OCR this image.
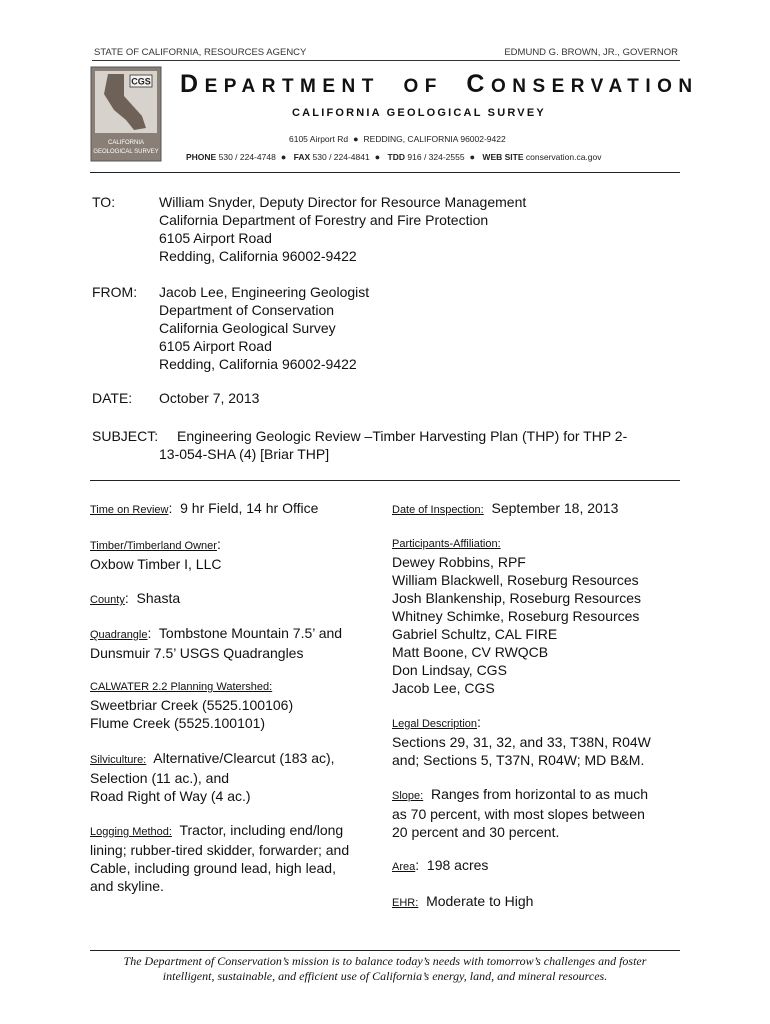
STATE OF CALIFORNIA, RESOURCES AGENCY	EDMUND G. BROWN, JR., GOVERNOR
CGS
CALIFORNIA
GEOLOGICAL SURVEY
DEPARTMENT OF CONSERVATION
CALIFORNIA GEOLOGICAL SURVEY
6105 Airport Rd ● REDDING, CALIFORNIA 96002-9422
PHONE 530 / 224-4748 ● FAX 530 / 224-4841 ● TDD 916 / 324-2555 ● WEB SITE conservation.ca.gov
TO:	William Snyder, Deputy Director for Resource Management
California Department of Forestry and Fire Protection
6105 Airport Road
Redding, California 96002-9422
FROM: Jacob Lee, Engineering Geologist
Department of Conservation
California Geological Survey
6105 Airport Road
Redding, California 96002-9422
DATE: October 7, 2013
SUBJECT: Engineering Geologic Review –Timber Harvesting Plan (THP) for THP 2-
13-054-SHA (4) [Briar THP]
Time on Review:  9 hr Field, 14 hr Office
Timber/Timberland Owner:
Oxbow Timber I, LLC
County:  Shasta
Quadrangle:  Tombstone Mountain 7.5’ and
Dunsmuir 7.5’ USGS Quadrangles
CALWATER 2.2 Planning Watershed:
Sweetbriar Creek (5525.100106)
Flume Creek (5525.100101)
Silviculture: Alternative/Clearcut (183 ac),
Selection (11 ac.), and
Road Right of Way (4 ac.)
Logging Method: Tractor, including end/long
lining; rubber-tired skidder, forwarder; and
Cable, including ground lead, high lead,
and skyline.
Date of Inspection: September 18, 2013
Participants-Affiliation:
Dewey Robbins, RPF
William Blackwell, Roseburg Resources
Josh Blankenship, Roseburg Resources
Whitney Schimke, Roseburg Resources
Gabriel Schultz, CAL FIRE
Matt Boone, CV RWQCB
Don Lindsay, CGS
Jacob Lee, CGS
Legal Description:
Sections 29, 31, 32, and 33, T38N, R04W
and; Sections 5, T37N, R04W; MD B&M.
Slope: Ranges from horizontal to as much
as 70 percent, with most slopes between
20 percent and 30 percent.
Area:  198 acres
EHR: Moderate to High
The Department of Conservation’s mission is to balance today’s needs with tomorrow’s challenges and foster
intelligent, sustainable, and efficient use of California’s energy, land, and mineral resources.
